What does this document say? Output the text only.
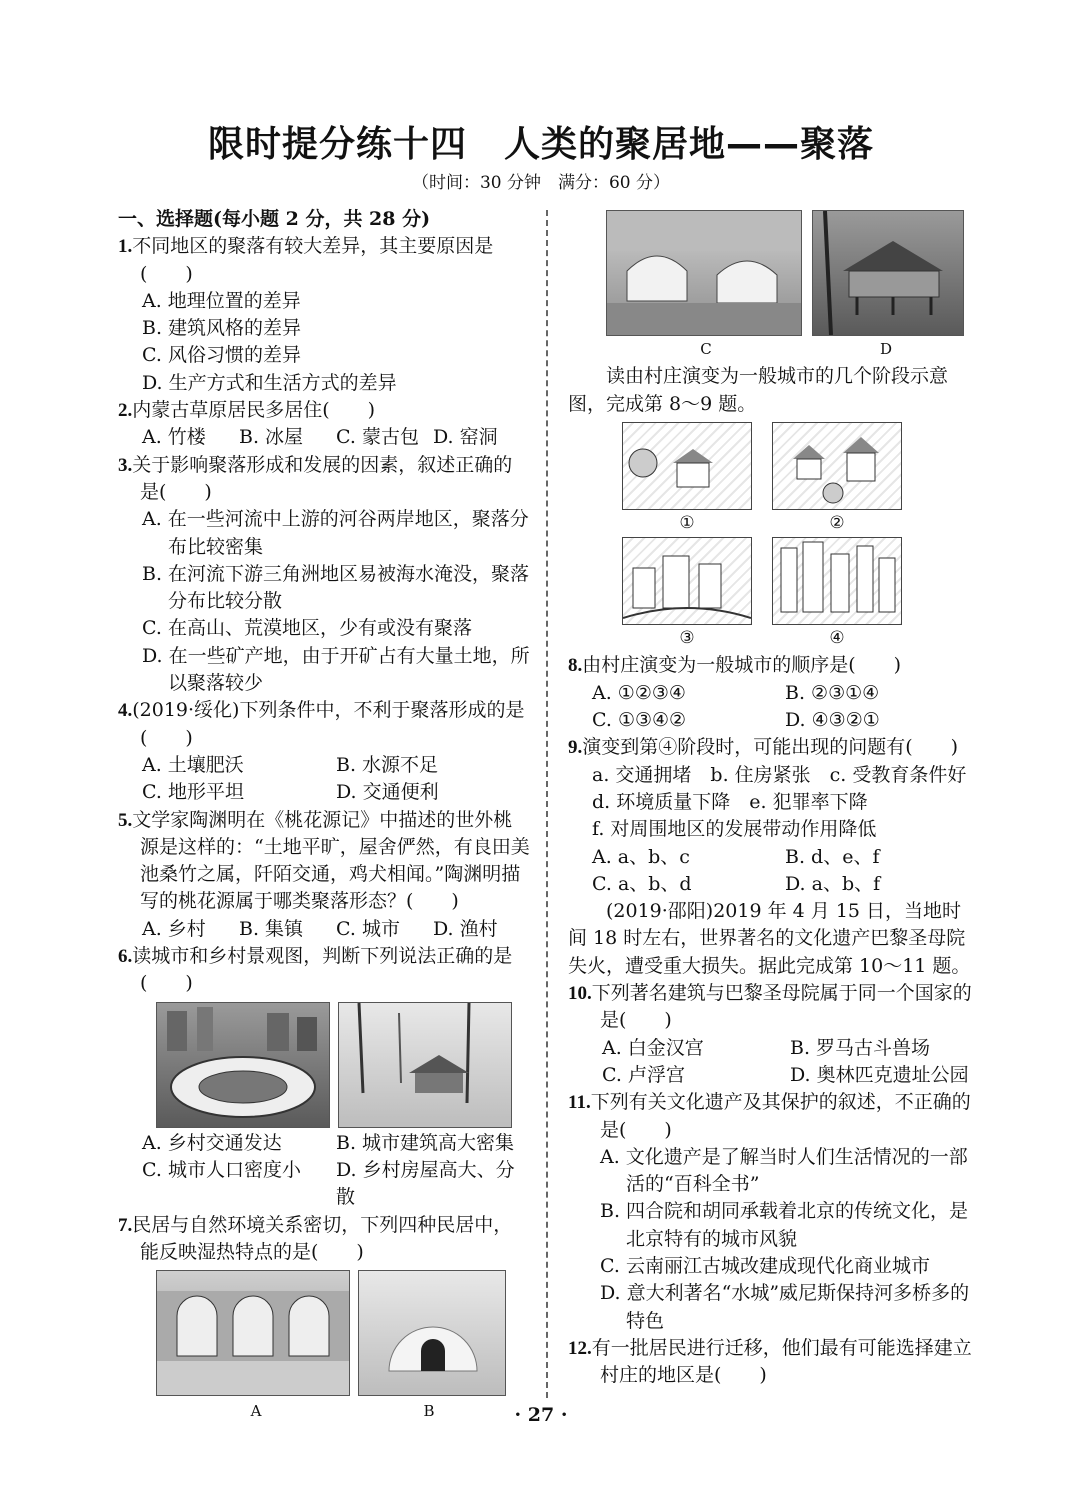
限时提分练十四　人类的聚居地——聚落
（时间：30 分钟　满分：60 分）
一、选择题(每小题 2 分，共 28 分)
1.不同地区的聚落有较大差异，其主要原因是(　　)
A. 地理位置的差异
B. 建筑风格的差异
C. 风俗习惯的差异
D. 生产方式和生活方式的差异
2.内蒙古草原居民多居住(　　)
A. 竹楼	B. 冰屋	C. 蒙古包 D. 窑洞
3.关于影响聚落形成和发展的因素，叙述正确的是(　　)
A. 在一些河流中上游的河谷两岸地区，聚落分布比较密集
B. 在河流下游三角洲地区易被海水淹没，聚落分布比较分散
C. 在高山、荒漠地区，少有或没有聚落
D. 在一些矿产地，由于开矿占有大量土地，所以聚落较少
4.(2019·绥化)下列条件中，不利于聚落形成的是(　　)
A. 土壤肥沃	B. 水源不足
C. 地形平坦	D. 交通便利
5.文学家陶渊明在《桃花源记》中描述的世外桃源是这样的：“土地平旷，屋舍俨然，有良田美池桑竹之属，阡陌交通，鸡犬相闻。”陶渊明描写的桃花源属于哪类聚落形态？(　　)
A. 乡村	B. 集镇	C. 城市	D. 渔村
6.读城市和乡村景观图，判断下列说法正确的是(　　)
A. 乡村交通发达	B. 城市建筑高大密集
C. 城市人口密度小	D. 乡村房屋高大、分散
7.民居与自然环境关系密切，下列四种民居中，能反映湿热特点的是(　　)
A	B
C	D
读由村庄演变为一般城市的几个阶段示意图，完成第 8～9 题。
①	②
③	④
8.由村庄演变为一般城市的顺序是(　　)
A. ①②③④	B. ②③①④
C. ①③④②	D. ④③②①
9.演变到第④阶段时，可能出现的问题有(　　)
a. 交通拥堵　b. 住房紧张　c. 受教育条件好　d. 环境质量下降　e. 犯罪率下降
f. 对周围地区的发展带动作用降低
A. a、b、c	B. d、e、f
C. a、b、d	D. a、b、f
(2019·邵阳)2019 年 4 月 15 日，当地时间 18 时左右，世界著名的文化遗产巴黎圣母院失火，遭受重大损失。据此完成第 10～11 题。
10.下列著名建筑与巴黎圣母院属于同一个国家的是(　　)
A. 白金汉宫	B. 罗马古斗兽场
C. 卢浮宫	D. 奥林匹克遗址公园
11.下列有关文化遗产及其保护的叙述，不正确的是(　　)
A. 文化遗产是了解当时人们生活情况的一部活的“百科全书”
B. 四合院和胡同承载着北京的传统文化，是北京特有的城市风貌
C. 云南丽江古城改建成现代化商业城市
D. 意大利著名“水城”威尼斯保持河多桥多的特色
12.有一批居民进行迁移，他们最有可能选择建立村庄的地区是(　　)
· 27 ·
